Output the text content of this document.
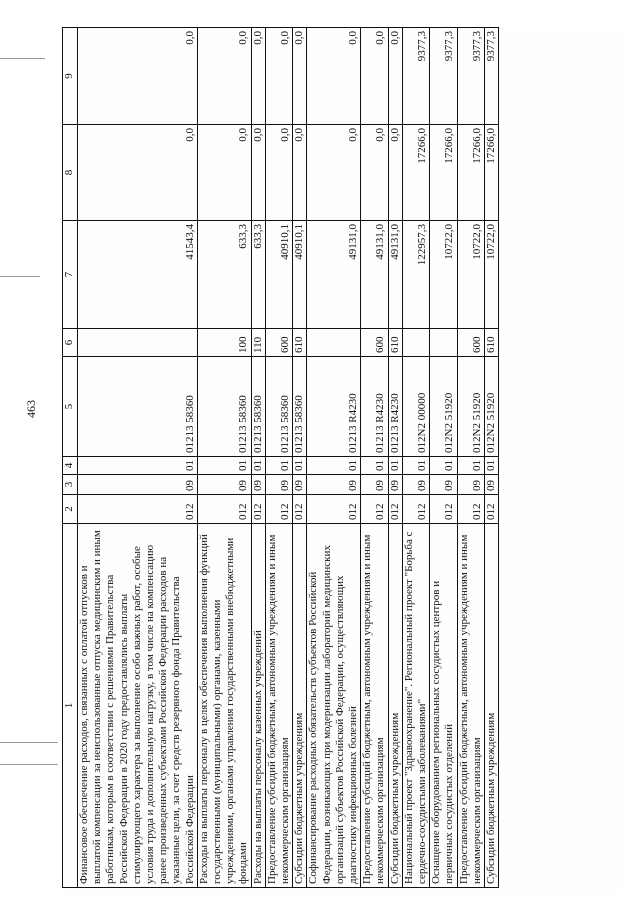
463
1	2	3	4	5	6	7	8	9
Финансовое обеспечение расходов, связанных с оплатой отпусков и выплатой компенсации за неиспользованные отпуска медицинским и иным работникам, которым в соответствии с решениями Правительства Российской Федерации в 2020 году предоставлялись выплаты стимулирующего характера за выполнение особо важных работ, особые условия труда и дополнительную нагрузку, в том числе на компенсацию ранее произведенных субъектами Российской Федерации расходов на указанные цели, за счет средств резервного фонда Правительства Российской Федерации	012	09	01	01213 58360		41543,4	0,0	0,0
Расходы на выплаты персоналу в целях обеспечения выполнения функций государственными (муниципальными) органами, казенными учреждениями, органами управления государственными внебюджетными фондами	012	09	01	01213 58360	100	633,3	0,0	0,0
Расходы на выплаты персоналу казенных учреждений	012	09	01	01213 58360	110	633,3	0,0	0,0
Предоставление субсидий бюджетным, автономным учреждениям и иным некоммерческим организациям	012	09	01	01213 58360	600	40910,1	0,0	0,0
Субсидии бюджетным учреждениям	012	09	01	01213 58360	610	40910,1	0,0	0,0
Софинансирование расходных обязательств субъектов Российской Федерации, возникающих при модернизации лабораторий медицинских организаций субъектов Российской Федерации, осуществляющих диагностику инфекционных болезней	012	09	01	01213 R4230		49131,0	0,0	0,0
Предоставление субсидий бюджетным, автономным учреждениям и иным некоммерческим организациям	012	09	01	01213 R4230	600	49131,0	0,0	0,0
Субсидии бюджетным учреждениям	012	09	01	01213 R4230	610	49131,0	0,0	0,0
Национальный проект "Здравоохранение". Региональный проект "Борьба с сердечно-сосудистыми заболеваниями"	012	09	01	012N2 00000		122957,3	17266,0	9377,3
Оснащение оборудованием региональных сосудистых центров и первичных сосудистых отделений	012	09	01	012N2 51920		10722,0	17266,0	9377,3
Предоставление субсидий бюджетным, автономным учреждениям и иным некоммерческим организациям	012	09	01	012N2 51920	600	10722,0	17266,0	9377,3
Субсидии бюджетным учреждениям	012	09	01	012N2 51920	610	10722,0	17266,0	9377,3
